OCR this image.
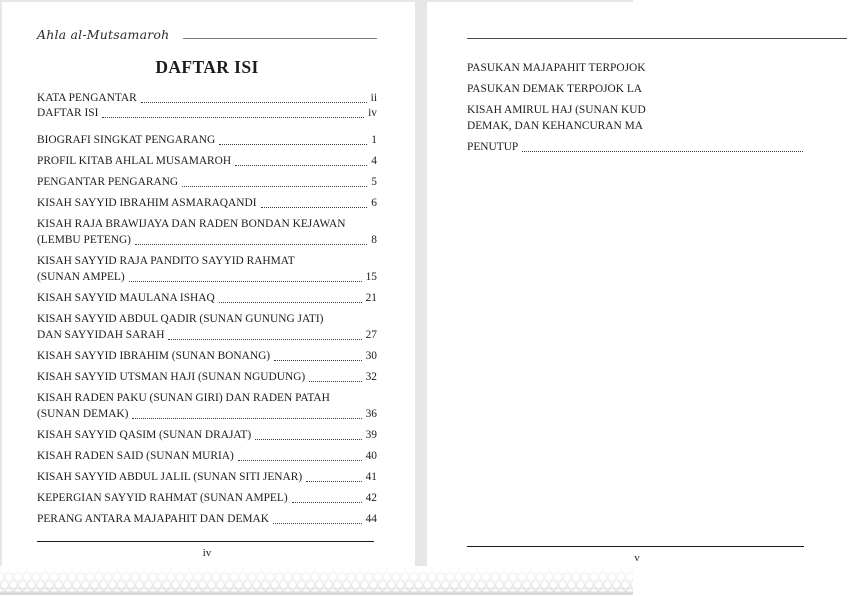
Ahla al-Mutsamaroh
DAFTAR ISI
KATA PENGANTAR	ii
DAFTAR ISI	iv
BIOGRAFI SINGKAT PENGARANG	1
PROFIL KITAB AHLAL MUSAMAROH	4
PENGANTAR PENGARANG	5
KISAH SAYYID IBRAHIM ASMARAQANDI	6
KISAH RAJA BRAWIJAYA DAN RADEN BONDAN KEJAWAN
(LEMBU PETENG)	8
KISAH SAYYID RAJA PANDITO SAYYID RAHMAT
(SUNAN AMPEL)	15
KISAH SAYYID MAULANA ISHAQ	21
KISAH SAYYID ABDUL QADIR (SUNAN GUNUNG JATI)
DAN SAYYIDAH SARAH	27
KISAH SAYYID IBRAHIM (SUNAN BONANG)	30
KISAH SAYYID UTSMAN HAJI (SUNAN NGUDUNG)	32
KISAH RADEN PAKU (SUNAN GIRI) DAN RADEN PATAH
(SUNAN DEMAK)	36
KISAH SAYYID QASIM (SUNAN DRAJAT)	39
KISAH RADEN SAID (SUNAN MURIA)	40
KISAH SAYYID ABDUL JALIL (SUNAN SITI JENAR)	41
KEPERGIAN SAYYID RAHMAT (SUNAN AMPEL)	42
PERANG ANTARA MAJAPAHIT DAN DEMAK	44
iv
PASUKAN MAJAPAHIT TERPOJOK
PASUKAN DEMAK TERPOJOK LA
KISAH AMIRUL HAJ (SUNAN KUD
DEMAK, DAN KEHANCURAN MA
PENUTUP
v
